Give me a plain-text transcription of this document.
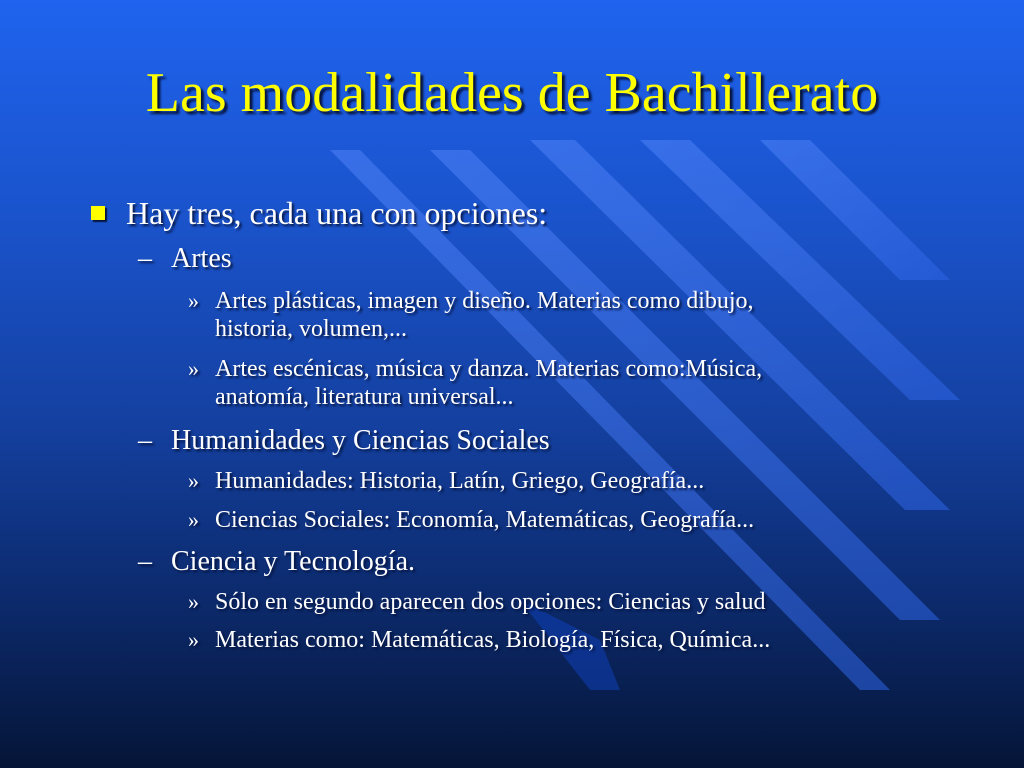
Las modalidades de Bachillerato
Hay tres, cada una con opciones:
– Artes
» Artes plásticas, imagen y diseño. Materias como dibujo,
historia, volumen,...
» Artes escénicas, música y danza. Materias como:Música,
anatomía, literatura universal...
– Humanidades y Ciencias Sociales
» Humanidades: Historia, Latín, Griego, Geografía...
» Ciencias Sociales: Economía, Matemáticas, Geografía...
– Ciencia y Tecnología.
» Sólo en segundo aparecen dos opciones: Ciencias y salud
» Materias como: Matemáticas, Biología, Física, Química...
